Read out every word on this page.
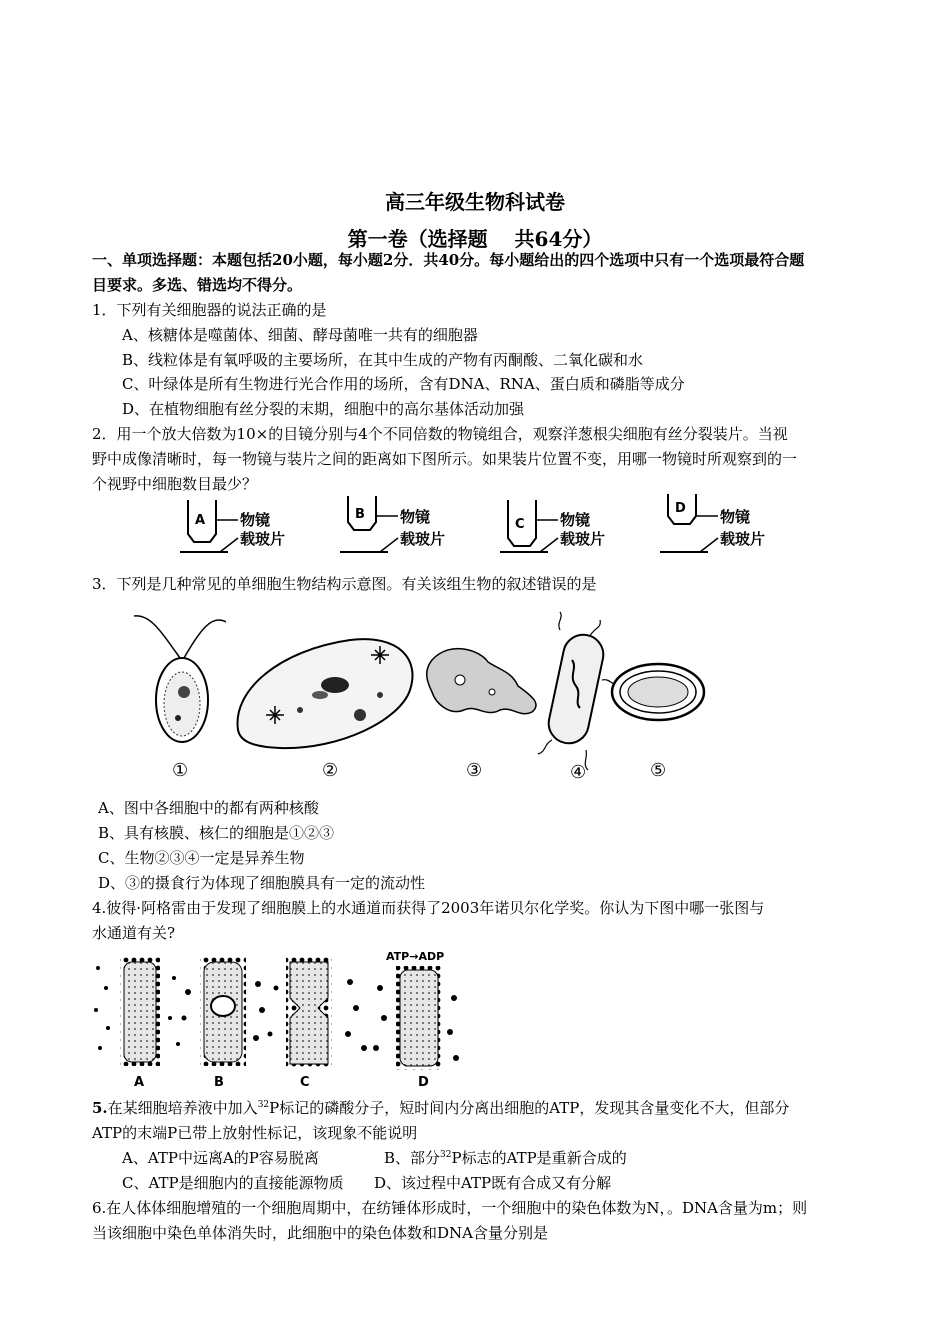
高三年级生物科试卷
第一卷（选择题　 共64分）
一、单项选择题：本题包括20小题，每小题2分．共40分。每小题给出的四个选项中只有一个选项最符合题
目要求。多选、错选均不得分。
1．下列有关细胞器的说法正确的是
A、核糖体是噬菌体、细菌、酵母菌唯一共有的细胞器
B、线粒体是有氧呼吸的主要场所，在其中生成的产物有丙酮酸、二氧化碳和水
C、叶绿体是所有生物进行光合作用的场所，含有DNA、RNA、蛋白质和磷脂等成分
D、在植物细胞有丝分裂的末期，细胞中的高尔基体活动加强
2．用一个放大倍数为10×的目镜分别与4个不同倍数的物镜组合，观察洋葱根尖细胞有丝分裂装片。当视
野中成像清晰时，每一物镜与装片之间的距离如下图所示。如果装片位置不变，用哪一物镜时所观察到的一
个视野中细胞数目最少？
A 物镜
载玻片
B 物镜
载玻片
C 物镜
载玻片
D 物镜
载玻片
3．下列是几种常见的单细胞生物结构示意图。有关该组生物的叙述错误的是
①	②	③	④	⑤
A、图中各细胞中的都有两种核酸
B、具有核膜、核仁的细胞是①②③
C、生物②③④一定是异养生物
D、③的摄食行为体现了细胞膜具有一定的流动性
4.彼得·阿格雷由于发现了细胞膜上的水通道而获得了2003年诺贝尔化学奖。你认为下图中哪一张图与
水通道有关?
ATP→ADP
A	B	C	D
5.在某细胞培养液中加入$^{32}$P标记的磷酸分子，短时间内分离出细胞的ATP，发现其含量变化不大，但部分
ATP的末端P已带上放射性标记，该现象不能说明
A、ATP中远离A的P容易脱离	B、部分$^{32}$P标志的ATP是重新合成的
C、ATP是细胞内的直接能源物质 D、该过程中ATP既有合成又有分解
6.在人体体细胞增殖的一个细胞周期中，在纺锤体形成时，一个细胞中的染色体数为N，。DNA含量为m；则
当该细胞中染色单体消失时，此细胞中的染色体数和DNA含量分别是
